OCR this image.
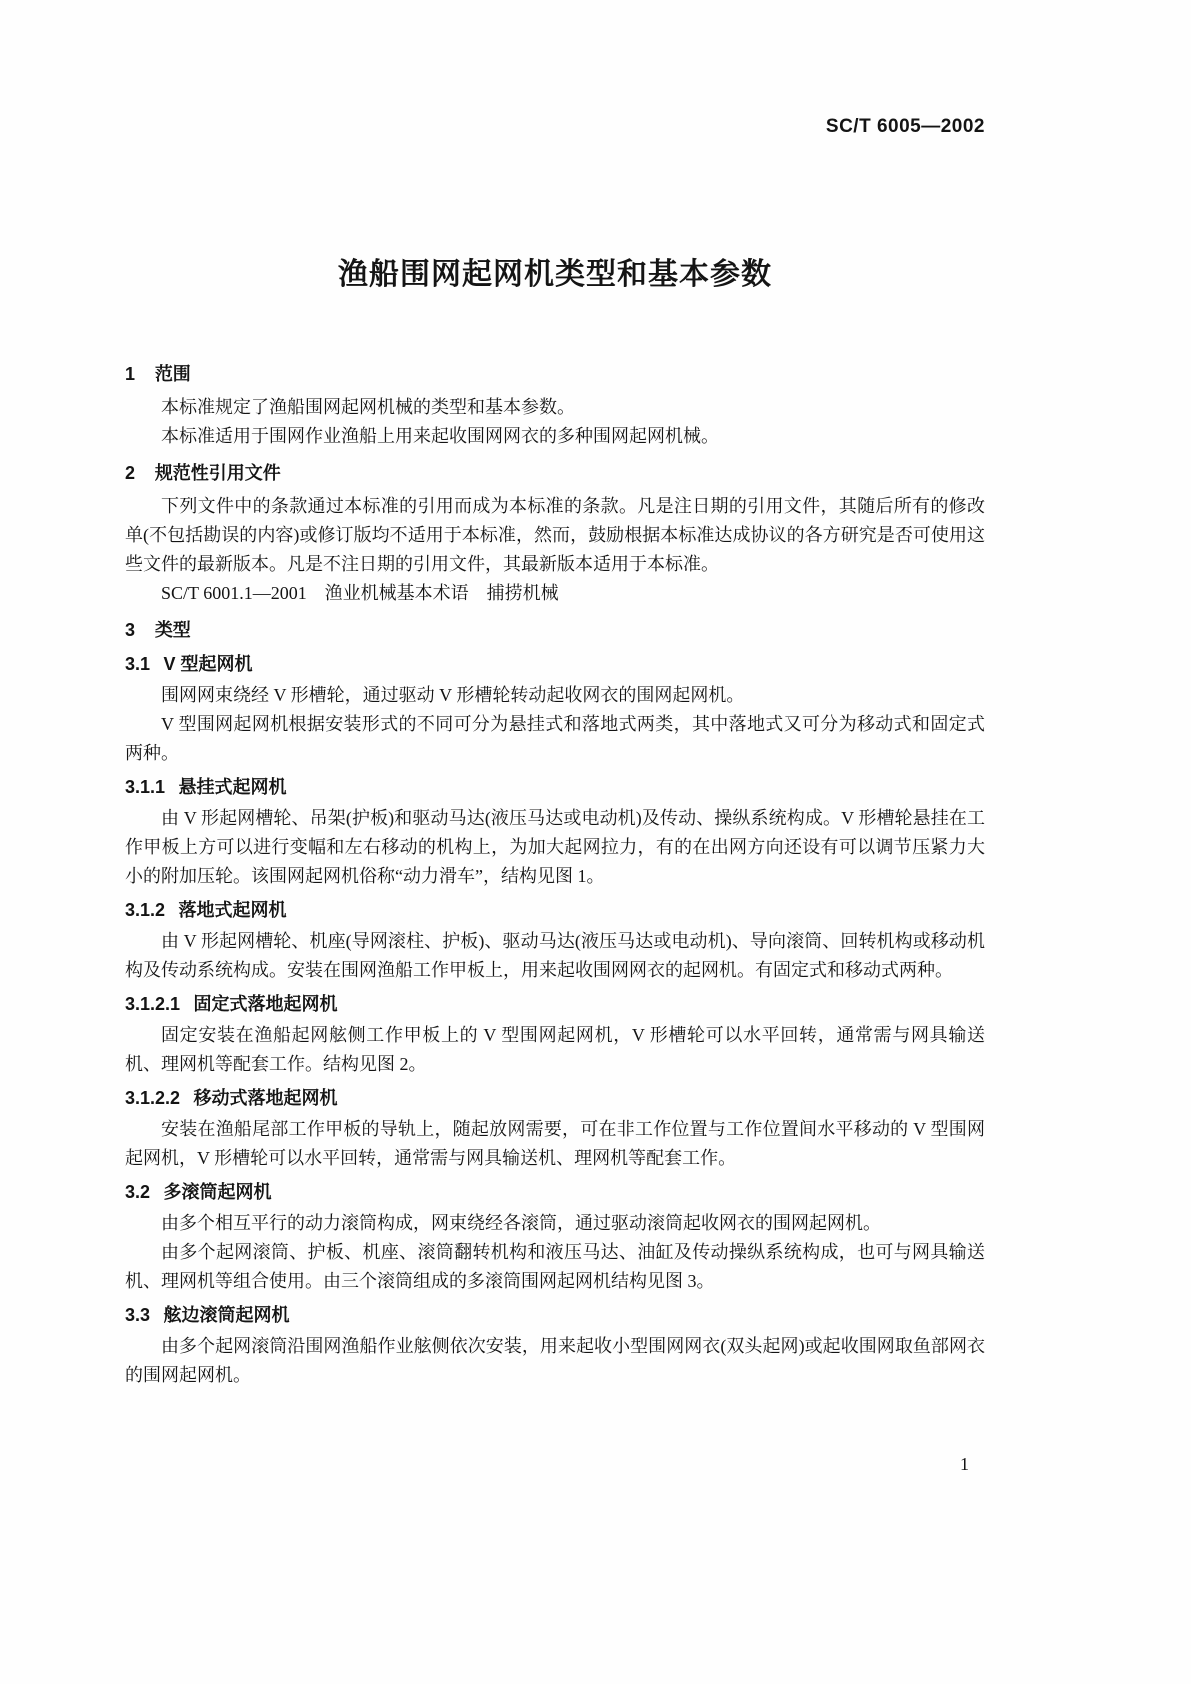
SC/T 6005—2002
渔船围网起网机类型和基本参数
1 范围

本标准规定了渔船围网起网机械的类型和基本参数。

本标准适用于围网作业渔船上用来起收围网网衣的多种围网起网机械。

2 规范性引用文件

下列文件中的条款通过本标准的引用而成为本标准的条款。凡是注日期的引用文件，其随后所有的修改单(不包括勘误的内容)或修订版均不适用于本标准，然而，鼓励根据本标准达成协议的各方研究是否可使用这些文件的最新版本。凡是不注日期的引用文件，其最新版本适用于本标准。

SC/T 6001.1—2001　渔业机械基本术语　捕捞机械

3 类型
3.1 V 型起网机

围网网束绕经 V 形槽轮，通过驱动 V 形槽轮转动起收网衣的围网起网机。

V 型围网起网机根据安装形式的不同可分为悬挂式和落地式两类，其中落地式又可分为移动式和固定式两种。

3.1.1 悬挂式起网机

由 V 形起网槽轮、吊架(护板)和驱动马达(液压马达或电动机)及传动、操纵系统构成。V 形槽轮悬挂在工作甲板上方可以进行变幅和左右移动的机构上，为加大起网拉力，有的在出网方向还设有可以调节压紧力大小的附加压轮。该围网起网机俗称“动力滑车”，结构见图 1。

3.1.2 落地式起网机

由 V 形起网槽轮、机座(导网滚柱、护板)、驱动马达(液压马达或电动机)、导向滚筒、回转机构或移动机构及传动系统构成。安装在围网渔船工作甲板上，用来起收围网网衣的起网机。有固定式和移动式两种。

3.1.2.1 固定式落地起网机

固定安装在渔船起网舷侧工作甲板上的 V 型围网起网机，V 形槽轮可以水平回转，通常需与网具输送机、理网机等配套工作。结构见图 2。

3.1.2.2 移动式落地起网机

安装在渔船尾部工作甲板的导轨上，随起放网需要，可在非工作位置与工作位置间水平移动的 V 型围网起网机，V 形槽轮可以水平回转，通常需与网具输送机、理网机等配套工作。

3.2 多滚筒起网机

由多个相互平行的动力滚筒构成，网束绕经各滚筒，通过驱动滚筒起收网衣的围网起网机。

由多个起网滚筒、护板、机座、滚筒翻转机构和液压马达、油缸及传动操纵系统构成，也可与网具输送机、理网机等组合使用。由三个滚筒组成的多滚筒围网起网机结构见图 3。

3.3 舷边滚筒起网机

由多个起网滚筒沿围网渔船作业舷侧依次安装，用来起收小型围网网衣(双头起网)或起收围网取鱼部网衣的围网起网机。

1
